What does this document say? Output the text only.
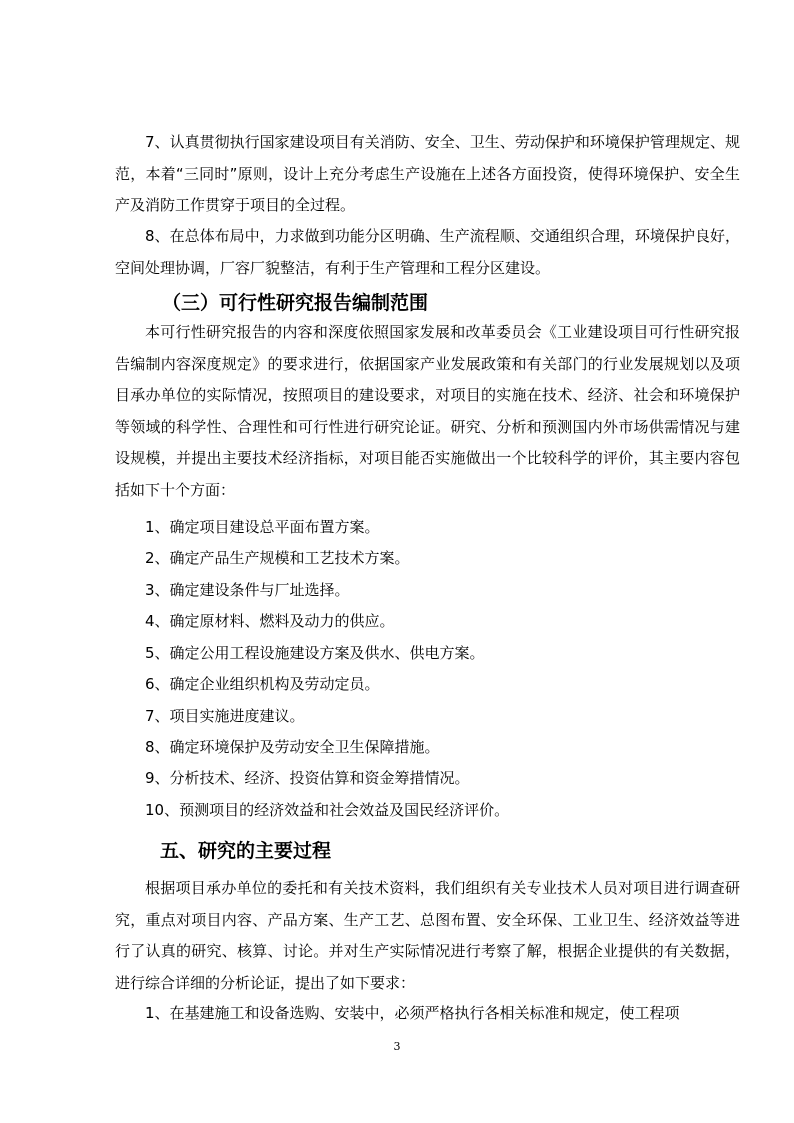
7、认真贯彻执行国家建设项目有关消防、安全、卫生、劳动保护和环境保护管理规定、规范，本着“三同时”原则，设计上充分考虑生产设施在上述各方面投资，使得环境保护、安全生产及消防工作贯穿于项目的全过程。

8、在总体布局中，力求做到功能分区明确、生产流程顺、交通组织合理，环境保护良好，空间处理协调，厂容厂貌整洁，有利于生产管理和工程分区建设。

（三）可行性研究报告编制范围

本可行性研究报告的内容和深度依照国家发展和改革委员会《工业建设项目可行性研究报告编制内容深度规定》的要求进行，依据国家产业发展政策和有关部门的行业发展规划以及项目承办单位的实际情况，按照项目的建设要求，对项目的实施在技术、经济、社会和环境保护等领域的科学性、合理性和可行性进行研究论证。研究、分析和预测国内外市场供需情况与建设规模，并提出主要技术经济指标，对项目能否实施做出一个比较科学的评价，其主要内容包括如下十个方面：

1、确定项目建设总平面布置方案。

2、确定产品生产规模和工艺技术方案。

3、确定建设条件与厂址选择。

4、确定原材料、燃料及动力的供应。

5、确定公用工程设施建设方案及供水、供电方案。

6、确定企业组织机构及劳动定员。

7、项目实施进度建议。

8、确定环境保护及劳动安全卫生保障措施。

9、分析技术、经济、投资估算和资金筹措情况。

10、预测项目的经济效益和社会效益及国民经济评价。

五、研究的主要过程

根据项目承办单位的委托和有关技术资料，我们组织有关专业技术人员对项目进行调查研究，重点对项目内容、产品方案、生产工艺、总图布置、安全环保、工业卫生、经济效益等进行了认真的研究、核算、讨论。并对生产实际情况进行考察了解，根据企业提供的有关数据，进行综合详细的分析论证，提出了如下要求：

1、在基建施工和设备选购、安装中，必须严格执行各相关标准和规定，使工程项

3
